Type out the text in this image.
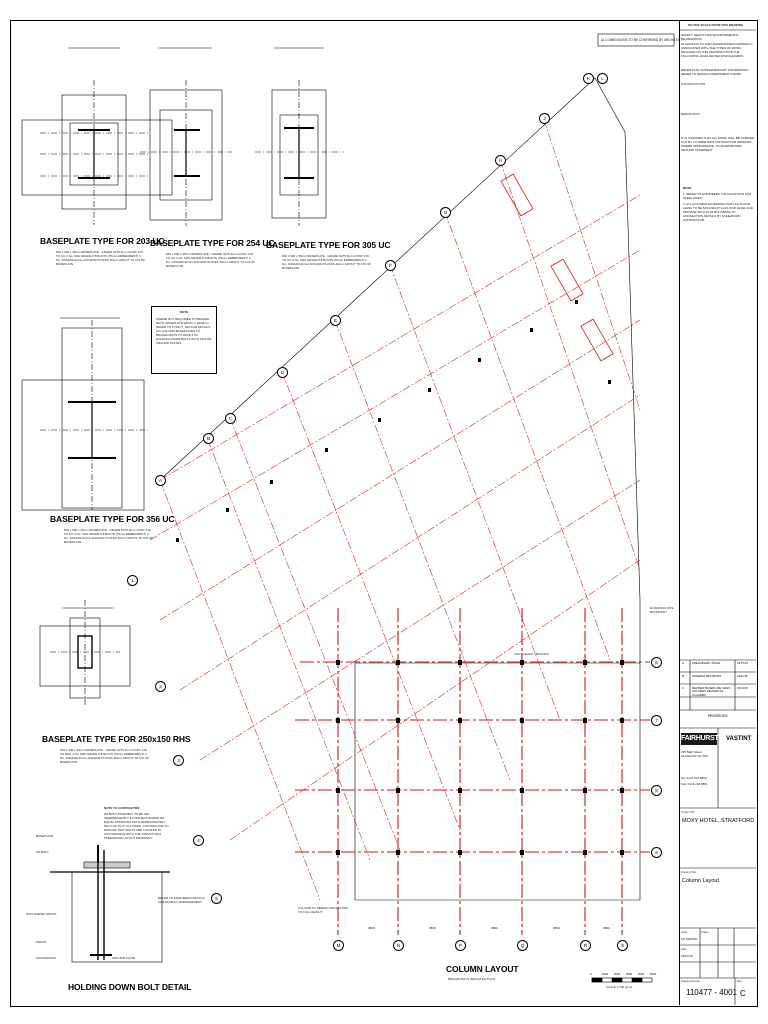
A
B
C
D
E
F
G
H
J
K	L
1
2
3
4
5
M	N	P	Q	R	S
6
7
8
9
BASEPLATE TYPE FOR 203 UC
600 x 600 x 35mm BASEPLATE - GRADE S275 6mm CONT. FW. TO UC 4 No. M20 GRADE 8.8 BOLTS (75mm EMBEDMENT) 4 No. 100x100x12mm ANCHOR PLATES 40mm GROUT TO U/S OF BASEPLATE
BASEPLATE TYPE FOR 254 UC
600 x 600 x 35mm BASEPLATE - GRADE S275 6mm CONT. FW. TO UC 4 No. M20 GRADE 8.8 BOLTS (75mm EMBEDMENT) 4 No. 100x100x12mm ANCHOR PLATES 40mm GROUT TO U/S OF BASEPLATE
BASEPLATE TYPE FOR 305 UC
600 x 600 x 35mm BASEPLATE - GRADE S275 6mm CONT. FW. TO UC 4 No. M20 GRADE 8.8 BOLTS (75mm EMBEDMENT) 4 No. 100x100x12mm ANCHOR PLATES 40mm GROUT TO U/S OF BASEPLATE
BASEPLATE TYPE FOR 356 UC
600 x 600 x 35mm BASEPLATE - GRADE S275 6mm CONT. FW. TO UC 4 No. M20 GRADE 8.8 BOLTS (75mm EMBEDMENT) 4 No. 100x100x12mm ANCHOR PLATES 40mm GROUT TO U/S OF BASEPLATE
BASEPLATE TYPE FOR 250x150 RHS
400 x 400 x 20mm BASEPLATE - GRADE S275 6mm CONT. FW. TO RHS 4 No. M20 GRADE 8.8 BOLTS (75mm EMBEDMENT) 4 No. 100x100x12mm ANCHOR PLATES 40mm GROUT TO U/S OF BASEPLATE
HOLDING DOWN BOLT DETAIL
NOTE
WHERE NOT REQUIRED TO BRACED BAYS, BASEPLATE WIDTH = 2000mm. REFER TO TYPE IT_003 FOR DETAILS. ALL COLUMN BASEPLATES TO BRACED BAYS TO HAVE 4 No HOLDING DOWN BOLTS WITH 150x100 ANCHOR PLATES.
NOTE TO CONTRACTOR
HD BOLT ASSEMBLY TO BE SET INDEPENDENTLY IN PROJECT BOARD OR EQUAL APPROVED WITH APPROXIMATELY 50mm OF PLAY ALLOWED. CONTRACTOR TO ENSURE THAT BOLTS ARE LOCATED IN ACCORDANCE WITH THE STRUCTURAL STEELWORK LAYOUT DRAWINGS.
BASEPLATE
HD BOLT
NON-SHRINK GROUT
GROUT
FOUNDATION	ANCHOR PLATE
REFER TO ENGINEERS DETAILS FOR HD BOLT ARRANGEMENT
ALL DIMENSIONS TO BE CONFIRMED BY ARCHITECT
HOARDING SITE BOUNDARY
CANTILEVER / BRACING
COLUMN TO REMAIN 250x150 RHS TO FULL HEIGHT
COLUMN LAYOUT
BRACED BAYS INDICATED THUS
SCALE 1:100 @ A1
0	1000 2000 3000 4000 5000
4500	4500	4500	4500	4500
DO NOT SCALE FROM THIS DRAWING
SAFETY, HEALTH AND ENVIRONMENTAL INFORMATION
IN ADDITION TO THE HAZARDS/RISKS NORMALLY ASSOCIATED WITH THE TYPES OF WORK DETAILED ON THIS DRAWING NOTE THE FOLLOWING HIGHLIGHTED RISK/HAZARDS
REFER ALSO SUPPLEMENTARY INFORMATION REFER TO DESIGN ASSESSMENT FORMS
CONSTRUCTION
DEMOLITION
IT IS ASSUMED THAT ALL WORK WILL BE CARRIED OUT BY A COMPETENT CONTRACTOR WORKING, WHERE APPROPRIATE, TO AN APPROVED METHOD STATEMENT
NOTE
1. REFER TO ENGINEERS' CALCULATIONS FOR STEEL SIZES.
2. ALL COLUMNS EXTENDING PAST 1st FLOOR LEVEL TO BE SPLICED AT 1st FLOOR LEVEL AND PROVIDE WITH 10 25 BOLT/BASE TO CONNECTION DETAILS BY STEELWORK CONTRACTOR.
A	PRELIMINARY ISSUE	23/07/15
B	GENERAL REVISIONS	24/11/15
C	REVISED BASEPLATE SIZES COLUMNS REVISED AS CLOUDED
15/12/15
Revisions
FAIRHURST
225 Bath Street GLASGOW G2 4GZ
Tel: 0141 204 8800
Fax: 0141 204 8801
VASTINT
Project Title
MOXY HOTEL, STRATFORD
Drawing Title
Column Layout
Scale
AS SHOWN
Drawn
Date
23/07/15
Drawing Number
110477 - 4001
Rev
C
